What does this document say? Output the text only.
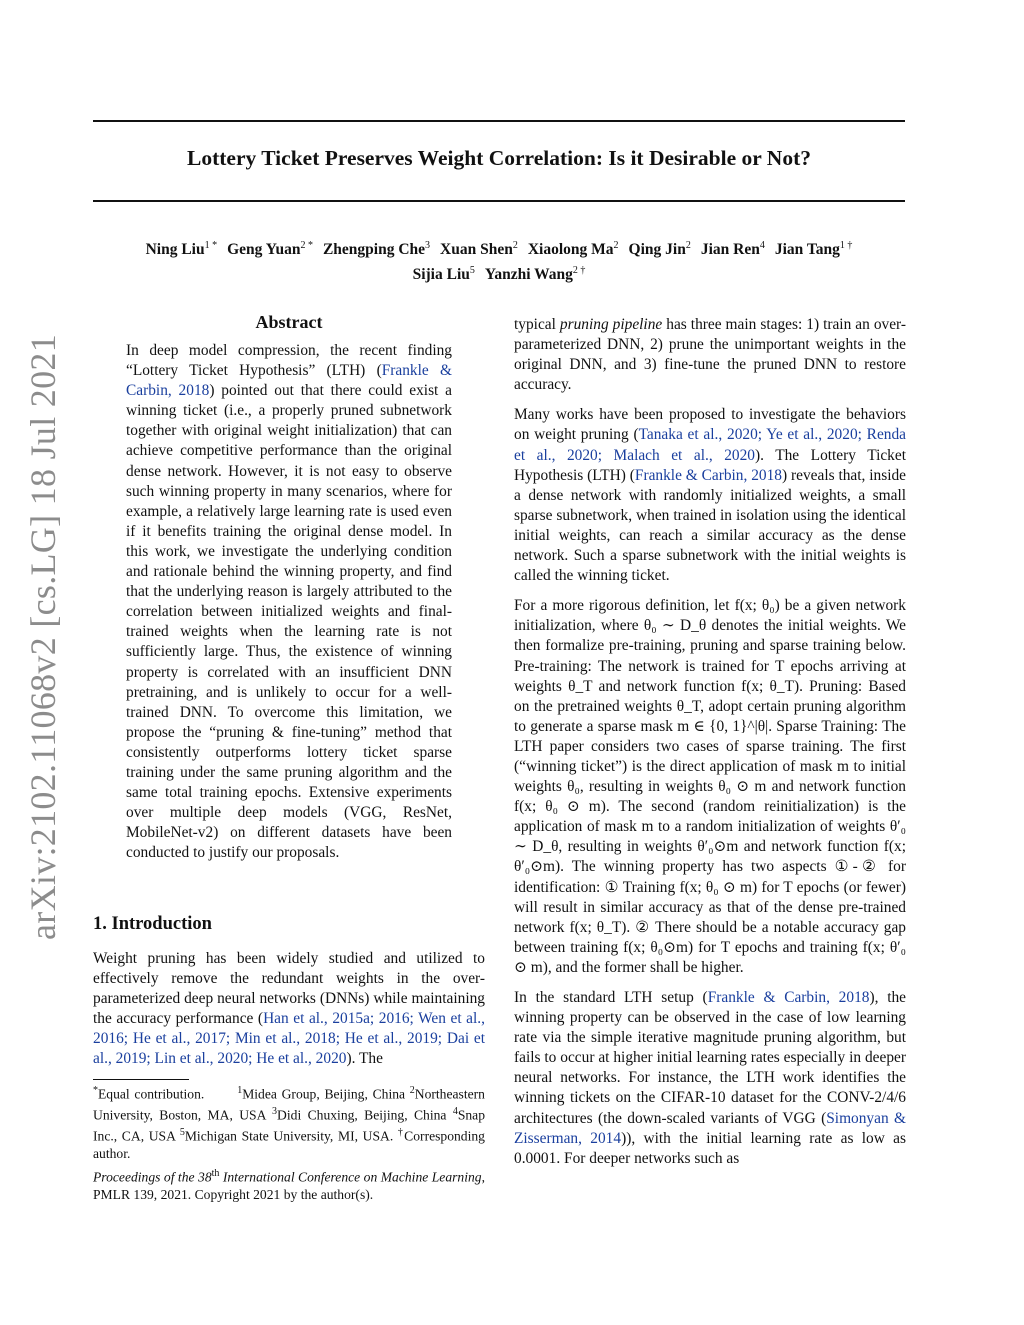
arXiv:2102.11068v2 [cs.LG] 18 Jul 2021
Lottery Ticket Preserves Weight Correlation: Is it Desirable or Not?
Ning Liu$^{1 *}$ Geng Yuan$^{2 *}$ Zhengping Che$^3$ Xuan Shen$^2$ Xiaolong Ma$^2$ Qing Jin$^2$ Jian Ren$^4$ Jian Tang$^{1 \dagger}$
Sijia Liu$^5$ Yanzhi Wang$^{2 \dagger}$
Abstract
In deep model compression, the recent finding “Lottery Ticket Hypothesis” (LTH) (Frankle & Carbin, 2018) pointed out that there could exist a winning ticket (i.e., a properly pruned subnetwork together with original weight initialization) that can achieve competitive performance than the original dense network. However, it is not easy to observe such winning property in many scenarios, where for example, a relatively large learning rate is used even if it benefits training the original dense model. In this work, we investigate the underlying condition and rationale behind the winning property, and find that the underlying reason is largely attributed to the correlation between initialized weights and final-trained weights when the learning rate is not sufficiently large. Thus, the existence of winning property is correlated with an insufficient DNN pretraining, and is unlikely to occur for a well-trained DNN. To overcome this limitation, we propose the “pruning & fine-tuning” method that consistently outperforms lottery ticket sparse training under the same pruning algorithm and the same total training epochs. Extensive experiments over multiple deep models (VGG, ResNet, MobileNet-v2) on different datasets have been conducted to justify our proposals.
1. Introduction
Weight pruning has been widely studied and utilized to effectively remove the redundant weights in the over-parameterized deep neural networks (DNNs) while maintaining the accuracy performance (Han et al., 2015a; 2016; Wen et al., 2016; He et al., 2017; Min et al., 2018; He et al., 2019; Dai et al., 2019; Lin et al., 2020; He et al., 2020). The
*Equal contribution.	$^1$Midea Group, Beijing, China $^2$Northeastern University, Boston, MA, USA $^3$Didi Chuxing, Beijing, China $^4$Snap Inc., CA, USA $^5$Michigan State University, MI, USA. †Corresponding author.
Proceedings of the 38th International Conference on Machine Learning, PMLR 139, 2021. Copyright 2021 by the author(s).

typical pruning pipeline has three main stages: 1) train an over-parameterized DNN, 2) prune the unimportant weights in the original DNN, and 3) fine-tune the pruned DNN to restore accuracy.

Many works have been proposed to investigate the behaviors on weight pruning (Tanaka et al., 2020; Ye et al., 2020; Renda et al., 2020; Malach et al., 2020). The Lottery Ticket Hypothesis (LTH) (Frankle & Carbin, 2018) reveals that, inside a dense network with randomly initialized weights, a small sparse subnetwork, when trained in isolation using the identical initial weights, can reach a similar accuracy as the dense network. Such a sparse subnetwork with the initial weights is called the winning ticket.

For a more rigorous definition, let f(x; θ₀) be a given network initialization, where θ₀ ∼ D_θ denotes the initial weights. We then formalize pre-training, pruning and sparse training below. Pre-training: The network is trained for T epochs arriving at weights θ_T and network function f(x; θ_T). Pruning: Based on the pretrained weights θ_T, adopt certain pruning algorithm to generate a sparse mask m ∈ {0, 1}^|θ|. Sparse Training: The LTH paper considers two cases of sparse training. The first (“winning ticket”) is the direct application of mask m to initial weights θ₀, resulting in weights θ₀ ⊙ m and network function f(x; θ₀ ⊙ m). The second (random reinitialization) is the application of mask m to a random initialization of weights θ′₀ ∼ D_θ, resulting in weights θ′₀⊙m and network function f(x; θ′₀⊙m). The winning property has two aspects ①-② for identification: ① Training f(x; θ₀ ⊙ m) for T epochs (or fewer) will result in similar accuracy as that of the dense pre-trained network f(x; θ_T). ② There should be a notable accuracy gap between training f(x; θ₀⊙m) for T epochs and training f(x; θ′₀ ⊙ m), and the former shall be higher.

In the standard LTH setup (Frankle & Carbin, 2018), the winning property can be observed in the case of low learning rate via the simple iterative magnitude pruning algorithm, but fails to occur at higher initial learning rates especially in deeper neural networks. For instance, the LTH work identifies the winning tickets on the CIFAR-10 dataset for the CONV-2/4/6 architectures (the down-scaled variants of VGG (Simonyan & Zisserman, 2014)), with the initial learning rate as low as 0.0001. For deeper networks such as
